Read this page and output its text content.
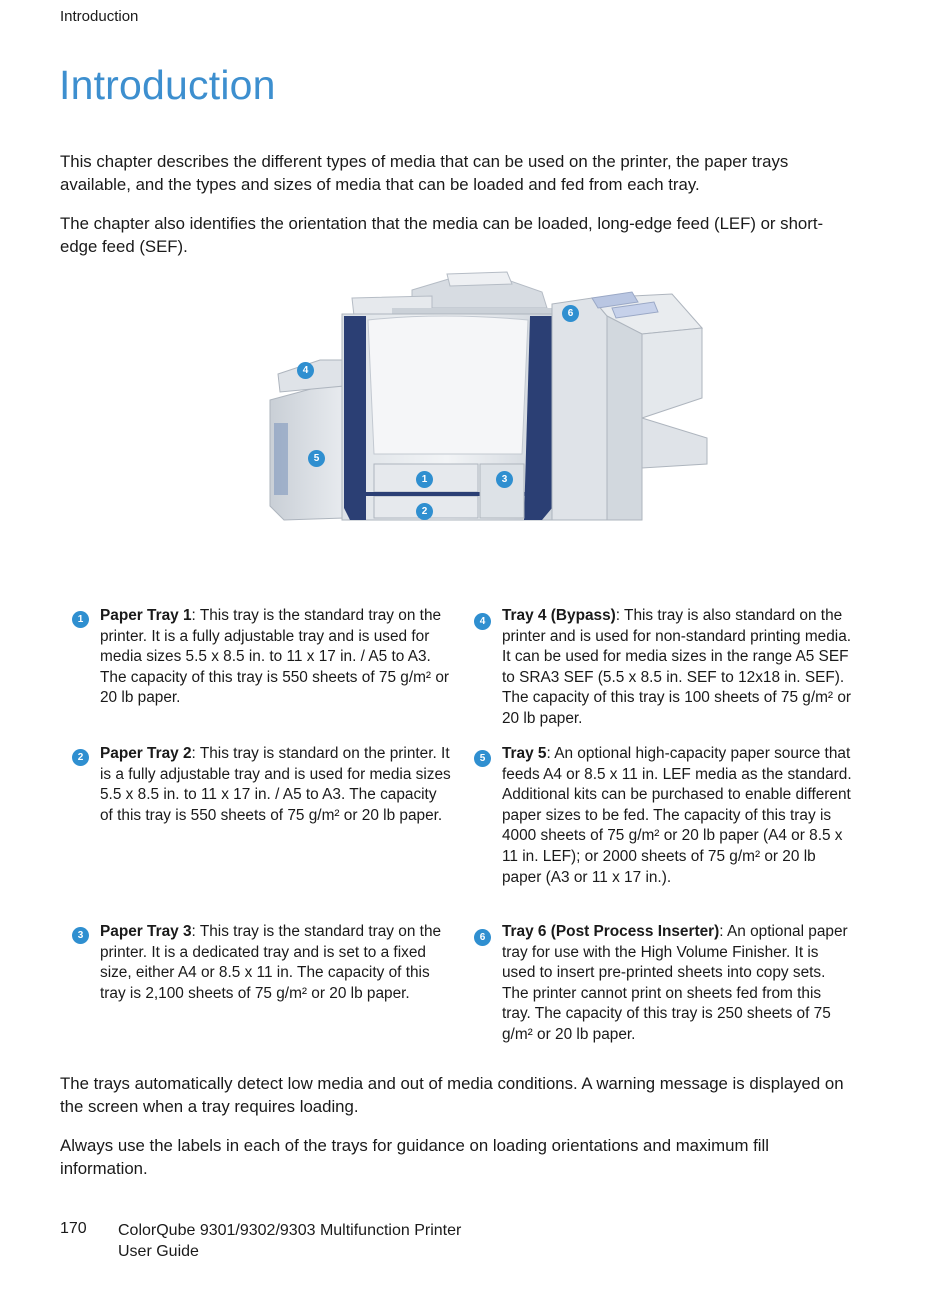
Introduction
Introduction

This chapter describes the different types of media that can be used on the printer, the paper trays available, and the types and sizes of media that can be loaded and fed from each tray.

The chapter also identifies the orientation that the media can be loaded, long-edge feed (LEF) or short-edge feed (SEF).

4
5
6
1
2
3
1	Paper Tray 1: This tray is the standard tray on the printer. It is a fully adjustable tray and is used for media sizes 5.5 x 8.5 in. to 11 x 17 in. / A5 to A3. The capacity of this tray is 550 sheets of 75 g/m² or 20 lb paper.

2	Paper Tray 2: This tray is standard on the printer. It is a fully adjustable tray and is used for media sizes 5.5 x 8.5 in. to 11 x 17 in. / A5 to A3. The capacity of this tray is 550 sheets of 75 g/m² or 20 lb paper.

3	Paper Tray 3: This tray is the standard tray on the printer. It is a dedicated tray and is set to a fixed size, either A4 or 8.5 x 11 in. The capacity of this tray is 2,100 sheets of 75 g/m² or 20 lb paper.

4	Tray 4 (Bypass): This tray is also standard on the printer and is used for non-standard printing media. It can be used for media sizes in the range A5 SEF to SRA3 SEF (5.5 x 8.5 in. SEF to 12x18 in. SEF). The capacity of this tray is 100 sheets of 75 g/m² or 20 lb paper.

5	Tray 5: An optional high-capacity paper source that feeds A4 or 8.5 x 11 in. LEF media as the standard. Additional kits can be purchased to enable different paper sizes to be fed. The capacity of this tray is 4000 sheets of 75 g/m² or 20 lb paper (A4 or 8.5 x 11 in. LEF); or 2000 sheets of 75 g/m² or 20 lb paper (A3 or 11 x 17 in.).

6	Tray 6 (Post Process Inserter): An optional paper tray for use with the High Volume Finisher. It is used to insert pre-printed sheets into copy sets. The printer cannot print on sheets fed from this tray. The capacity of this tray is 250 sheets of 75 g/m² or 20 lb paper.

The trays automatically detect low media and out of media conditions. A warning message is displayed on the screen when a tray requires loading.

Always use the labels in each of the trays for guidance on loading orientations and maximum fill information.

170 ColorQube 9301/9302/9303 Multifunction Printer
User Guide
